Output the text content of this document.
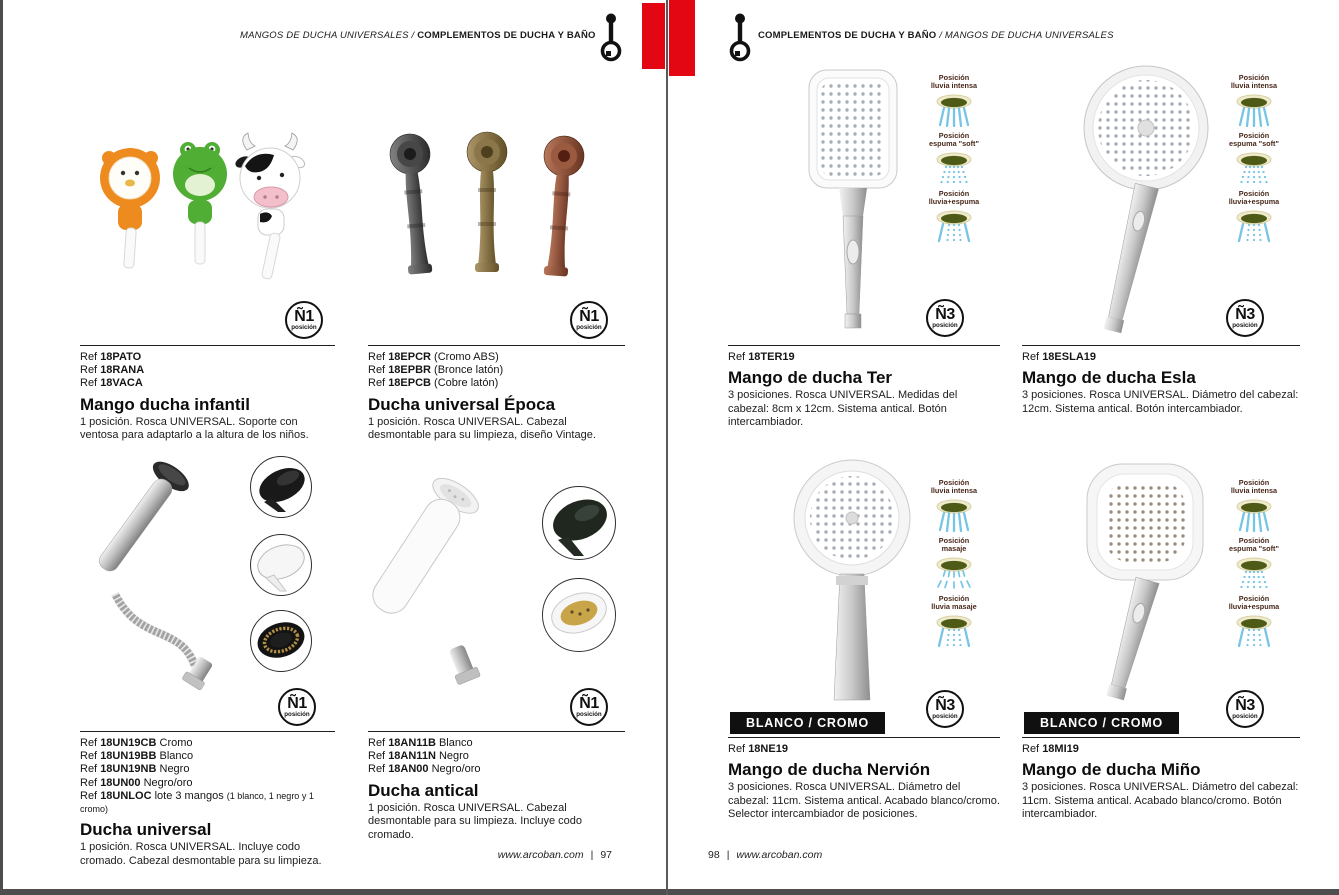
MANGOS DE DUCHA UNIVERSALES / COMPLEMENTOS DE DUCHA Y BAÑO	COMPLEMENTOS DE DUCHA Y BAÑO / MANGOS DE DUCHA UNIVERSALES
Ñ1
posición
Ñ1
posición
Ñ1
posición
Ñ1
posición
Ref 18PATO
Ref 18RANA
Ref 18VACA
Mango ducha infantil
1 posición. Rosca UNIVERSAL. Soporte con ventosa para adaptarlo a la altura de los niños.
Ref 18EPCR (Cromo ABS)
Ref 18EPBR (Bronce latón)
Ref 18EPCB (Cobre latón)
Ducha universal Época
1 posición. Rosca UNIVERSAL. Cabezal desmontable para su limpieza, diseño Vintage.
Ref 18UN19CB Cromo
Ref 18UN19BB Blanco
Ref 18UN19NB Negro
Ref 18UN00 Negro/oro
Ref 18UNLOC lote 3 mangos (1 blanco, 1 negro y 1 cromo)
Ducha universal
1 posición. Rosca UNIVERSAL. Incluye codo cromado. Cabezal desmontable para su limpieza.
Ref 18AN11B Blanco
Ref 18AN11N Negro
Ref 18AN00 Negro/oro
Ducha antical
1 posición. Rosca UNIVERSAL. Cabezal desmontable para su limpieza. Incluye codo cromado.
Posición
lluvia intensa
Posición
espuma "soft"
Posición
lluvia+espuma
Posición
lluvia intensa
Posición
espuma "soft"
Posición
lluvia+espuma
Posición
lluvia intensa
Posición
masaje
Posición
lluvia masaje
Posición
lluvia intensa
Posición
espuma "soft"
Posición
lluvia+espuma
Ñ3
posición
Ñ3
posición
Ñ3
posición
Ñ3
posición
BLANCO / CROMO	BLANCO / CROMO
Ref 18TER19
Mango de ducha Ter
3 posiciones. Rosca UNIVERSAL. Medidas del cabezal: 8cm x 12cm. Sistema antical. Botón intercambiador.
Ref 18ESLA19
Mango de ducha Esla
3 posiciones. Rosca UNIVERSAL. Diámetro del cabezal: 12cm. Sistema antical. Botón intercambiador.
Ref 18NE19
Mango de ducha Nervión
3 posiciones. Rosca UNIVERSAL. Diámetro del cabezal: 11cm. Sistema antical. Acabado blanco/cromo. Selector intercambiador de posiciones.
Ref 18MI19
Mango de ducha Miño
3 posiciones. Rosca UNIVERSAL. Diámetro del cabezal: 11cm. Sistema antical. Acabado blanco/cromo. Botón intercambiador.
www.arcoban.com | 97	98 | www.arcoban.com
